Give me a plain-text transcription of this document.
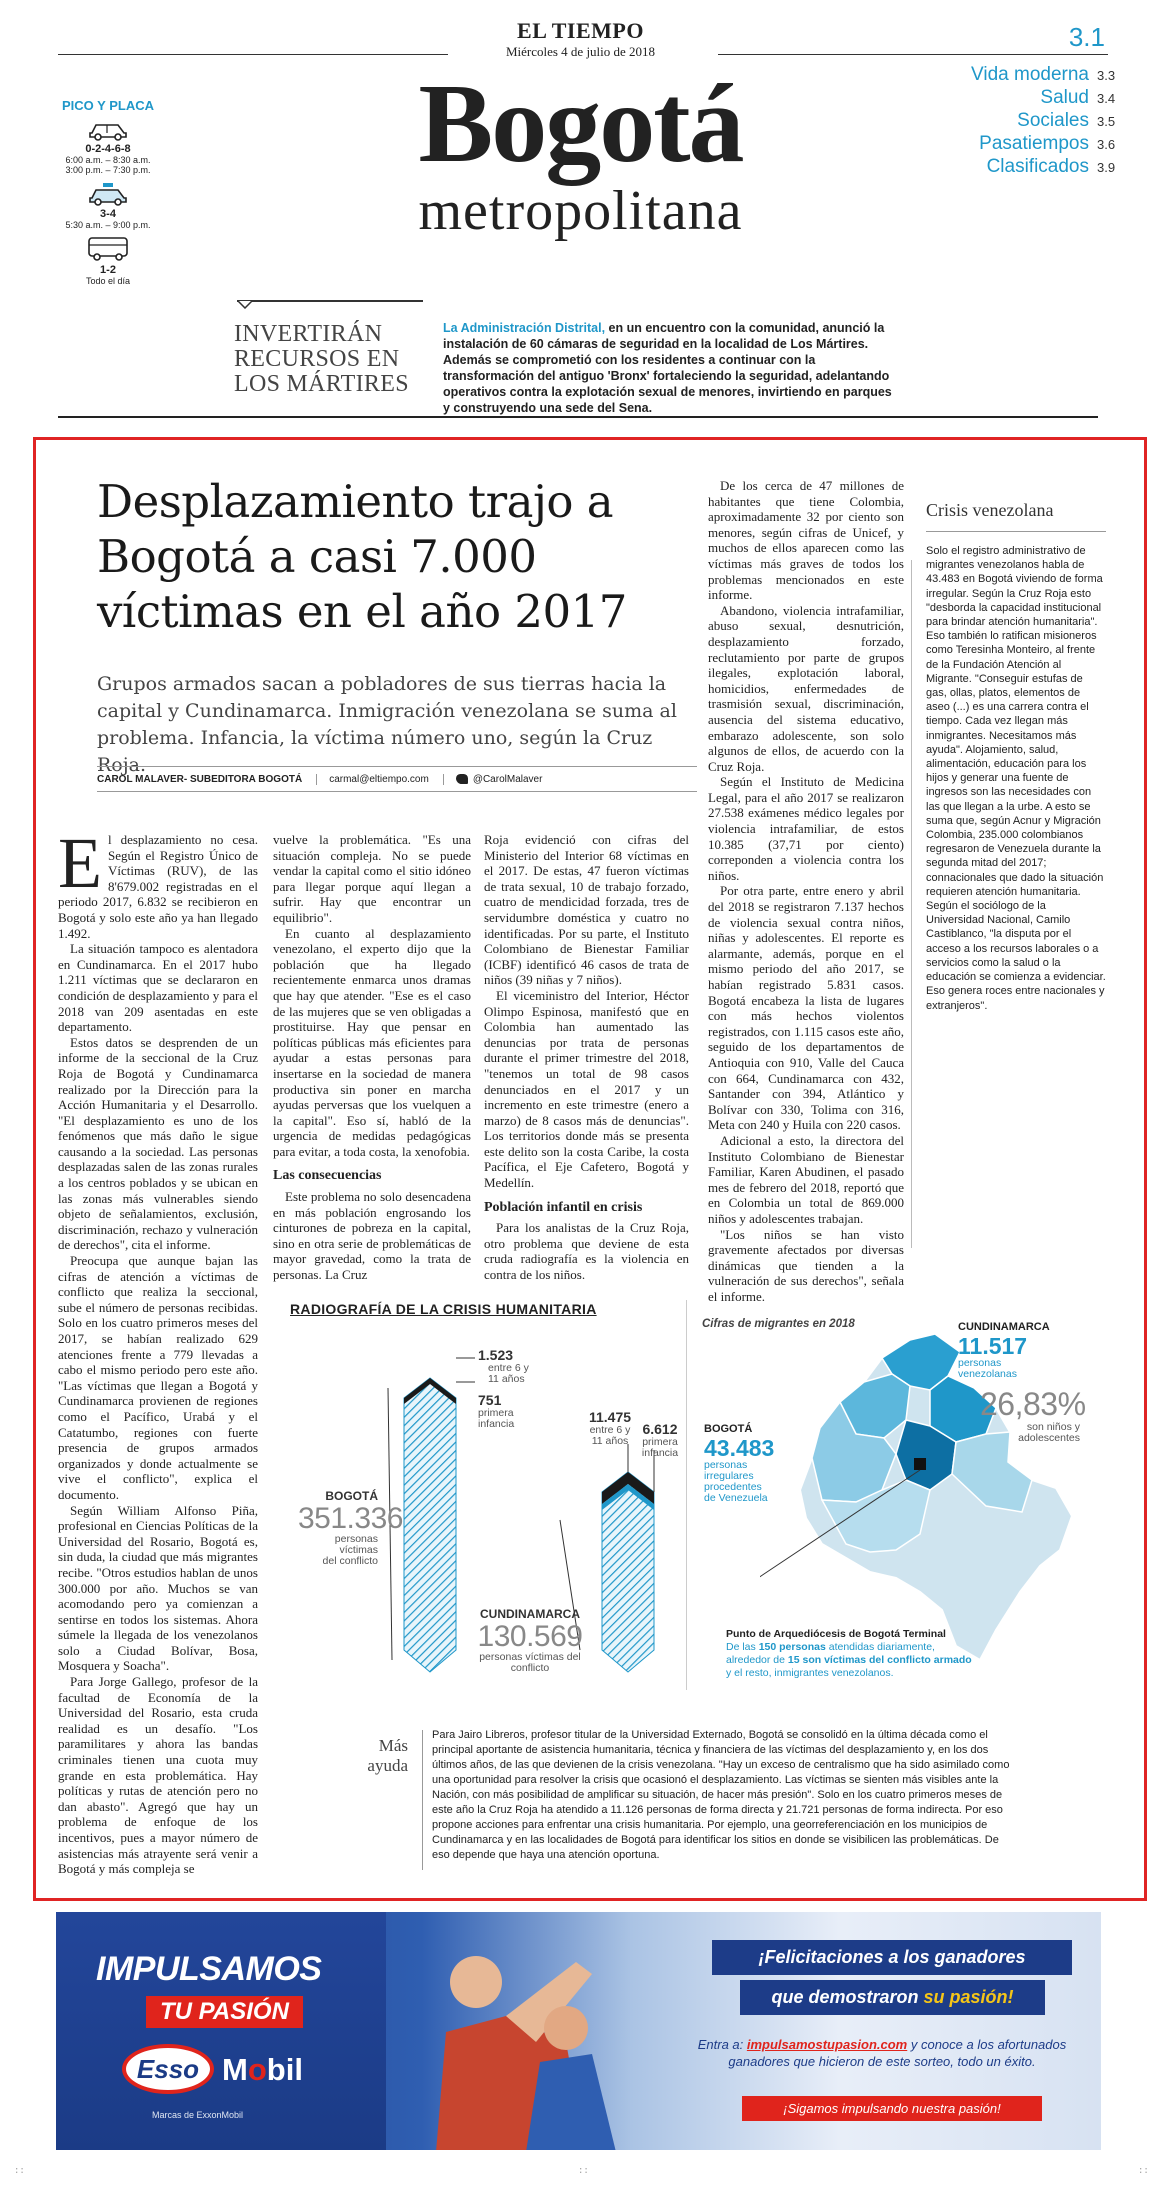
EL TIEMPO
Miércoles 4 de julio de 2018	3.1
Bogotá
metropolitana
PICO Y PLACA
0-2-4-6-8
6:00 a.m. – 8:30 a.m.
3:00 p.m. – 7:30 p.m.
3-4
5:30 a.m. – 9:00 p.m.
1-2
Todo el día
Vida moderna 3.3
Salud 3.4
Sociales 3.5
Pasatiempos 3.6
Clasificados 3.9
INVERTIRÁN
RECURSOS EN
LOS MÁRTIRES
La Administración Distrital, en un encuentro con la comunidad, anunció la instalación de 60 cámaras de seguridad en la localidad de Los Mártires. Además se comprometió con los residentes a continuar con la transformación del antiguo 'Bronx' fortaleciendo la seguridad, adelantando operativos contra la explotación sexual de menores, invirtiendo en parques y construyendo una sede del Sena.
Desplazamiento trajo a Bogotá a casi 7.000 víctimas en el año 2017
Grupos armados sacan a pobladores de sus tierras hacia la capital y Cundinamarca. Inmigración venezolana se suma al problema. Infancia, la víctima número uno, según la Cruz Roja.
CAROL MALAVER- SUBEDITORA BOGOTÁ	carmal@eltiempo.com	@CarolMalaver

El desplazamiento no cesa. Según el Registro Único de Víctimas (RUV), de las 8'679.002 registradas en el periodo 2017, 6.832 se recibieron en Bogotá y solo este año ya han llegado 1.492.

La situación tampoco es alentadora en Cundinamarca. En el 2017 hubo 1.211 víctimas que se declararon en condición de desplazamiento y para el 2018 van 209 asentadas en este departamento.

Estos datos se desprenden de un informe de la seccional de la Cruz Roja de Bogotá y Cundinamarca realizado por la Dirección para la Acción Humanitaria y el Desarrollo. "El desplazamiento es uno de los fenómenos que más daño le sigue causando a la sociedad. Las personas desplazadas salen de las zonas rurales a los centros poblados y se ubican en las zonas más vulnerables siendo objeto de señalamientos, exclusión, discriminación, rechazo y vulneración de derechos", cita el informe.

Preocupa que aunque bajan las cifras de atención a víctimas de conflicto que realiza la seccional, sube el número de personas recibidas. Solo en los cuatro primeros meses del 2017, se habían realizado 629 atenciones frente a 779 llevadas a cabo el mismo periodo pero este año. "Las víctimas que llegan a Bogotá y Cundinamarca provienen de regiones como el Pacífico, Urabá y el Catatumbo, regiones con fuerte presencia de grupos armados organizados y donde actualmente se vive el conflicto", explica el documento.

Según William Alfonso Piña, profesional en Ciencias Políticas de la Universidad del Rosario, Bogotá es, sin duda, la ciudad que más migrantes recibe. "Otros estudios hablan de unos 300.000 por año. Muchos se van acomodando pero ya comienzan a sentirse en todos los sistemas. Ahora súmele la llegada de los venezolanos solo a Ciudad Bolívar, Bosa, Mosquera y Soacha".

Para Jorge Gallego, profesor de la facultad de Economía de la Universidad del Rosario, esta cruda realidad es un desafío. "Los paramilitares y ahora las bandas criminales tienen una cuota muy grande en esta problemática. Hay políticas y rutas de atención pero no dan abasto". Agregó que hay un problema de enfoque de los incentivos, pues a mayor número de asistencias más atrayente será venir a Bogotá y más compleja se

vuelve la problemática. "Es una situación compleja. No se puede vendar la capital como el sitio idóneo para llegar porque aquí llegan a sufrir. Hay que encontrar un equilibrio".

En cuanto al desplazamiento venezolano, el experto dijo que la población que ha llegado recientemente enmarca unos dramas que hay que atender. "Ese es el caso de las mujeres que se ven obligadas a prostituirse. Hay que pensar en políticas públicas más eficientes para ayudar a estas personas para insertarse en la sociedad de manera productiva sin poner en marcha ayudas perversas que los vuelquen a la capital". Eso sí, habló de la urgencia de medidas pedagógicas para evitar, a toda costa, la xenofobia.

Las consecuencias

Este problema no solo desencadena en más población engrosando los cinturones de pobreza en la capital, sino en otra serie de problemáticas de mayor gravedad, como la trata de personas. La Cruz

Roja evidenció con cifras del Ministerio del Interior 68 víctimas en el 2017. De estas, 47 fueron víctimas de trata sexual, 10 de trabajo forzado, cuatro de mendicidad forzada, tres de servidumbre doméstica y cuatro no identificadas. Por su parte, el Instituto Colombiano de Bienestar Familiar (ICBF) identificó 46 casos de trata de niños (39 niñas y 7 niños).

El viceministro del Interior, Héctor Olimpo Espinosa, manifestó que en Colombia han aumentado las denuncias por trata de personas durante el primer trimestre del 2018, "tenemos un total de 98 casos denunciados en el 2017 y un incremento en este trimestre (enero a marzo) de 8 casos más de denuncias". Los territorios donde más se presenta este delito son la costa Caribe, la costa Pacífica, el Eje Cafetero, Bogotá y Medellín.

Población infantil en crisis

Para los analistas de la Cruz Roja, otro problema que deviene de esta cruda radiografía es la violencia en contra de los niños.

De los cerca de 47 millones de habitantes que tiene Colombia, aproximadamente 32 por ciento son menores, según cifras de Unicef, y muchos de ellos aparecen como las víctimas más graves de todos los problemas mencionados en este informe.

Abandono, violencia intrafamiliar, abuso sexual, desnutrición, desplazamiento forzado, reclutamiento por parte de grupos ilegales, explotación laboral, homicidios, enfermedades de trasmisión sexual, discriminación, ausencia del sistema educativo, embarazo adolescente, son solo algunos de ellos, de acuerdo con la Cruz Roja.

Según el Instituto de Medicina Legal, para el año 2017 se realizaron 27.538 exámenes médico legales por violencia intrafamiliar, de estos 10.385 (37,71 por ciento) correponden a violencia contra los niños.

Por otra parte, entre enero y abril del 2018 se registraron 7.137 hechos de violencia sexual contra niños, niñas y adolescentes. El reporte es alarmante, además, porque en el mismo periodo del año 2017, se habían registrado 5.831 casos. Bogotá encabeza la lista de lugares con más hechos violentos registrados, con 1.115 casos este año, seguido de los departamentos de Antioquia con 910, Valle del Cauca con 664, Cundinamarca con 432, Santander con 394, Atlántico y Bolívar con 330, Tolima con 316, Meta con 240 y Huila con 220 casos.

Adicional a esto, la directora del Instituto Colombiano de Bienestar Familiar, Karen Abudinen, el pasado mes de febrero del 2018, reportó que en Colombia un total de 869.000 niños y adolescentes trabajan.

"Los niños se han visto gravemente afectados por diversas dinámicas que tienden a la vulneración de sus derechos", señala el informe.

Crisis venezolana
Solo el registro administrativo de migrantes venezolanos habla de 43.483 en Bogotá viviendo de forma irregular. Según la Cruz Roja esto "desborda la capacidad institucional para brindar atención humanitaria". Eso también lo ratifican misioneros como Teresinha Monteiro, al frente de la Fundación Atención al Migrante. "Conseguir estufas de gas, ollas, platos, elementos de aseo (...) es una carrera contra el tiempo. Cada vez llegan más inmigrantes. Necesitamos más ayuda". Alojamiento, salud, alimentación, educación para los hijos y generar una fuente de ingresos son las necesidades con las que llegan a la urbe. A esto se suma que, según Acnur y Migración Colombia, 235.000 colombianos regresaron de Venezuela durante la segunda mitad del 2017; connacionales que dado la situación requieren atención humanitaria. Según el sociólogo de la Universidad Nacional, Camilo Castiblanco, "la disputa por el acceso a los recursos laborales o a servicios como la salud o la educación se comienza a evidenciar. Eso genera roces entre nacionales y extranjeros".
RADIOGRAFÍA DE LA CRISIS HUMANITARIA
1.523
entre 6 y
11 años
751
primera
infancia
BOGOTÁ
351.336
personas
víctimas
del conflicto
11.475
entre 6 y
11 años
6.612
primera
infancia
CUNDINAMARCA
130.569
personas víctimas del conflicto
Cifras de migrantes en 2018	CUNDINAMARCA
11.517
personas
venezolanas
26,83%
son niños y
adolescentes
BOGOTÁ
43.483
personas
irregulares
procedentes
de Venezuela
Punto de Arquediócesis de Bogotá Terminal
De las 150 personas atendidas diariamente, alrededor de 15 son víctimas del conflicto armado y el resto, inmigrantes venezolanos.
Más
ayuda
Para Jairo Libreros, profesor titular de la Universidad Externado, Bogotá se consolidó en la última década como el principal aportante de asistencia humanitaria, técnica y financiera de las víctimas del desplazamiento y, en los dos últimos años, de las que devienen de la crisis venezolana. "Hay un exceso de centralismo que ha sido asimilado como una oportunidad para resolver la crisis que ocasionó el desplazamiento. Las víctimas se sienten más visibles ante la Nación, con más posibilidad de amplificar su situación, de hacer más presión". Solo en los cuatro primeros meses de este año la Cruz Roja ha atendido a 11.126 personas de forma directa y 21.721 personas de forma indirecta. Por eso propone acciones para enfrentar una crisis humanitaria. Por ejemplo, una georreferenciación en los municipios de Cundinamarca y en las localidades de Bogotá para identificar los sitios en donde se visibilicen las problemáticas. De eso depende que haya una atención oportuna.
IMPULSAMOS
TU PASIÓN
Esso Mobil
Marcas de ExxonMobil
¡Felicitaciones a los ganadores
que demostraron su pasión!
Entra a: impulsamostupasion.com y conoce a los afortunados ganadores que hicieron de este sorteo, todo un éxito.
¡Sigamos impulsando nuestra pasión!
::	::	::
